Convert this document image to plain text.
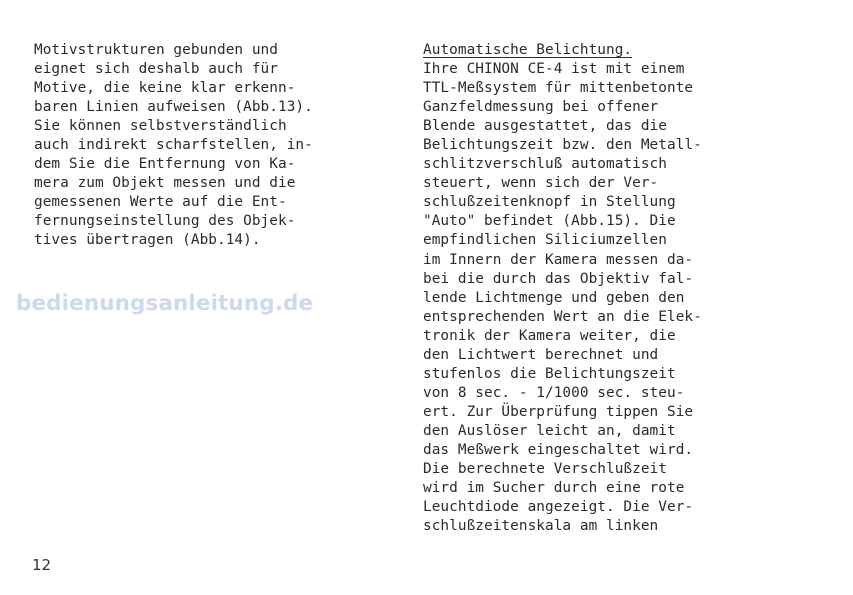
Motivstrukturen gebunden und
eignet sich deshalb auch für
Motive, die keine klar erkenn-
baren Linien aufweisen (Abb.13).
Sie können selbstverständlich
auch indirekt scharfstellen, in-
dem Sie die Entfernung von Ka-
mera zum Objekt messen und die
gemessenen Werte auf die Ent-
fernungseinstellung des Objek-
tives übertragen (Abb.14).
bedienungsanleitung.de
Automatische Belichtung.
Ihre CHINON CE-4 ist mit einem
TTL-Meßsystem für mittenbetonte
Ganzfeldmessung bei offener
Blende ausgestattet, das die
Belichtungszeit bzw. den Metall-
schlitzverschluß automatisch
steuert, wenn sich der Ver-
schlußzeitenknopf in Stellung
"Auto" befindet (Abb.15). Die
empfindlichen Siliciumzellen
im Innern der Kamera messen da-
bei die durch das Objektiv fal-
lende Lichtmenge und geben den
entsprechenden Wert an die Elek-
tronik der Kamera weiter, die
den Lichtwert berechnet und
stufenlos die Belichtungszeit
von 8 sec. - 1/1000 sec. steu-
ert. Zur Überprüfung tippen Sie
den Auslöser leicht an, damit
das Meßwerk eingeschaltet wird.
Die berechnete Verschlußzeit
wird im Sucher durch eine rote
Leuchtdiode angezeigt. Die Ver-
schlußzeitenskala am linken
12
